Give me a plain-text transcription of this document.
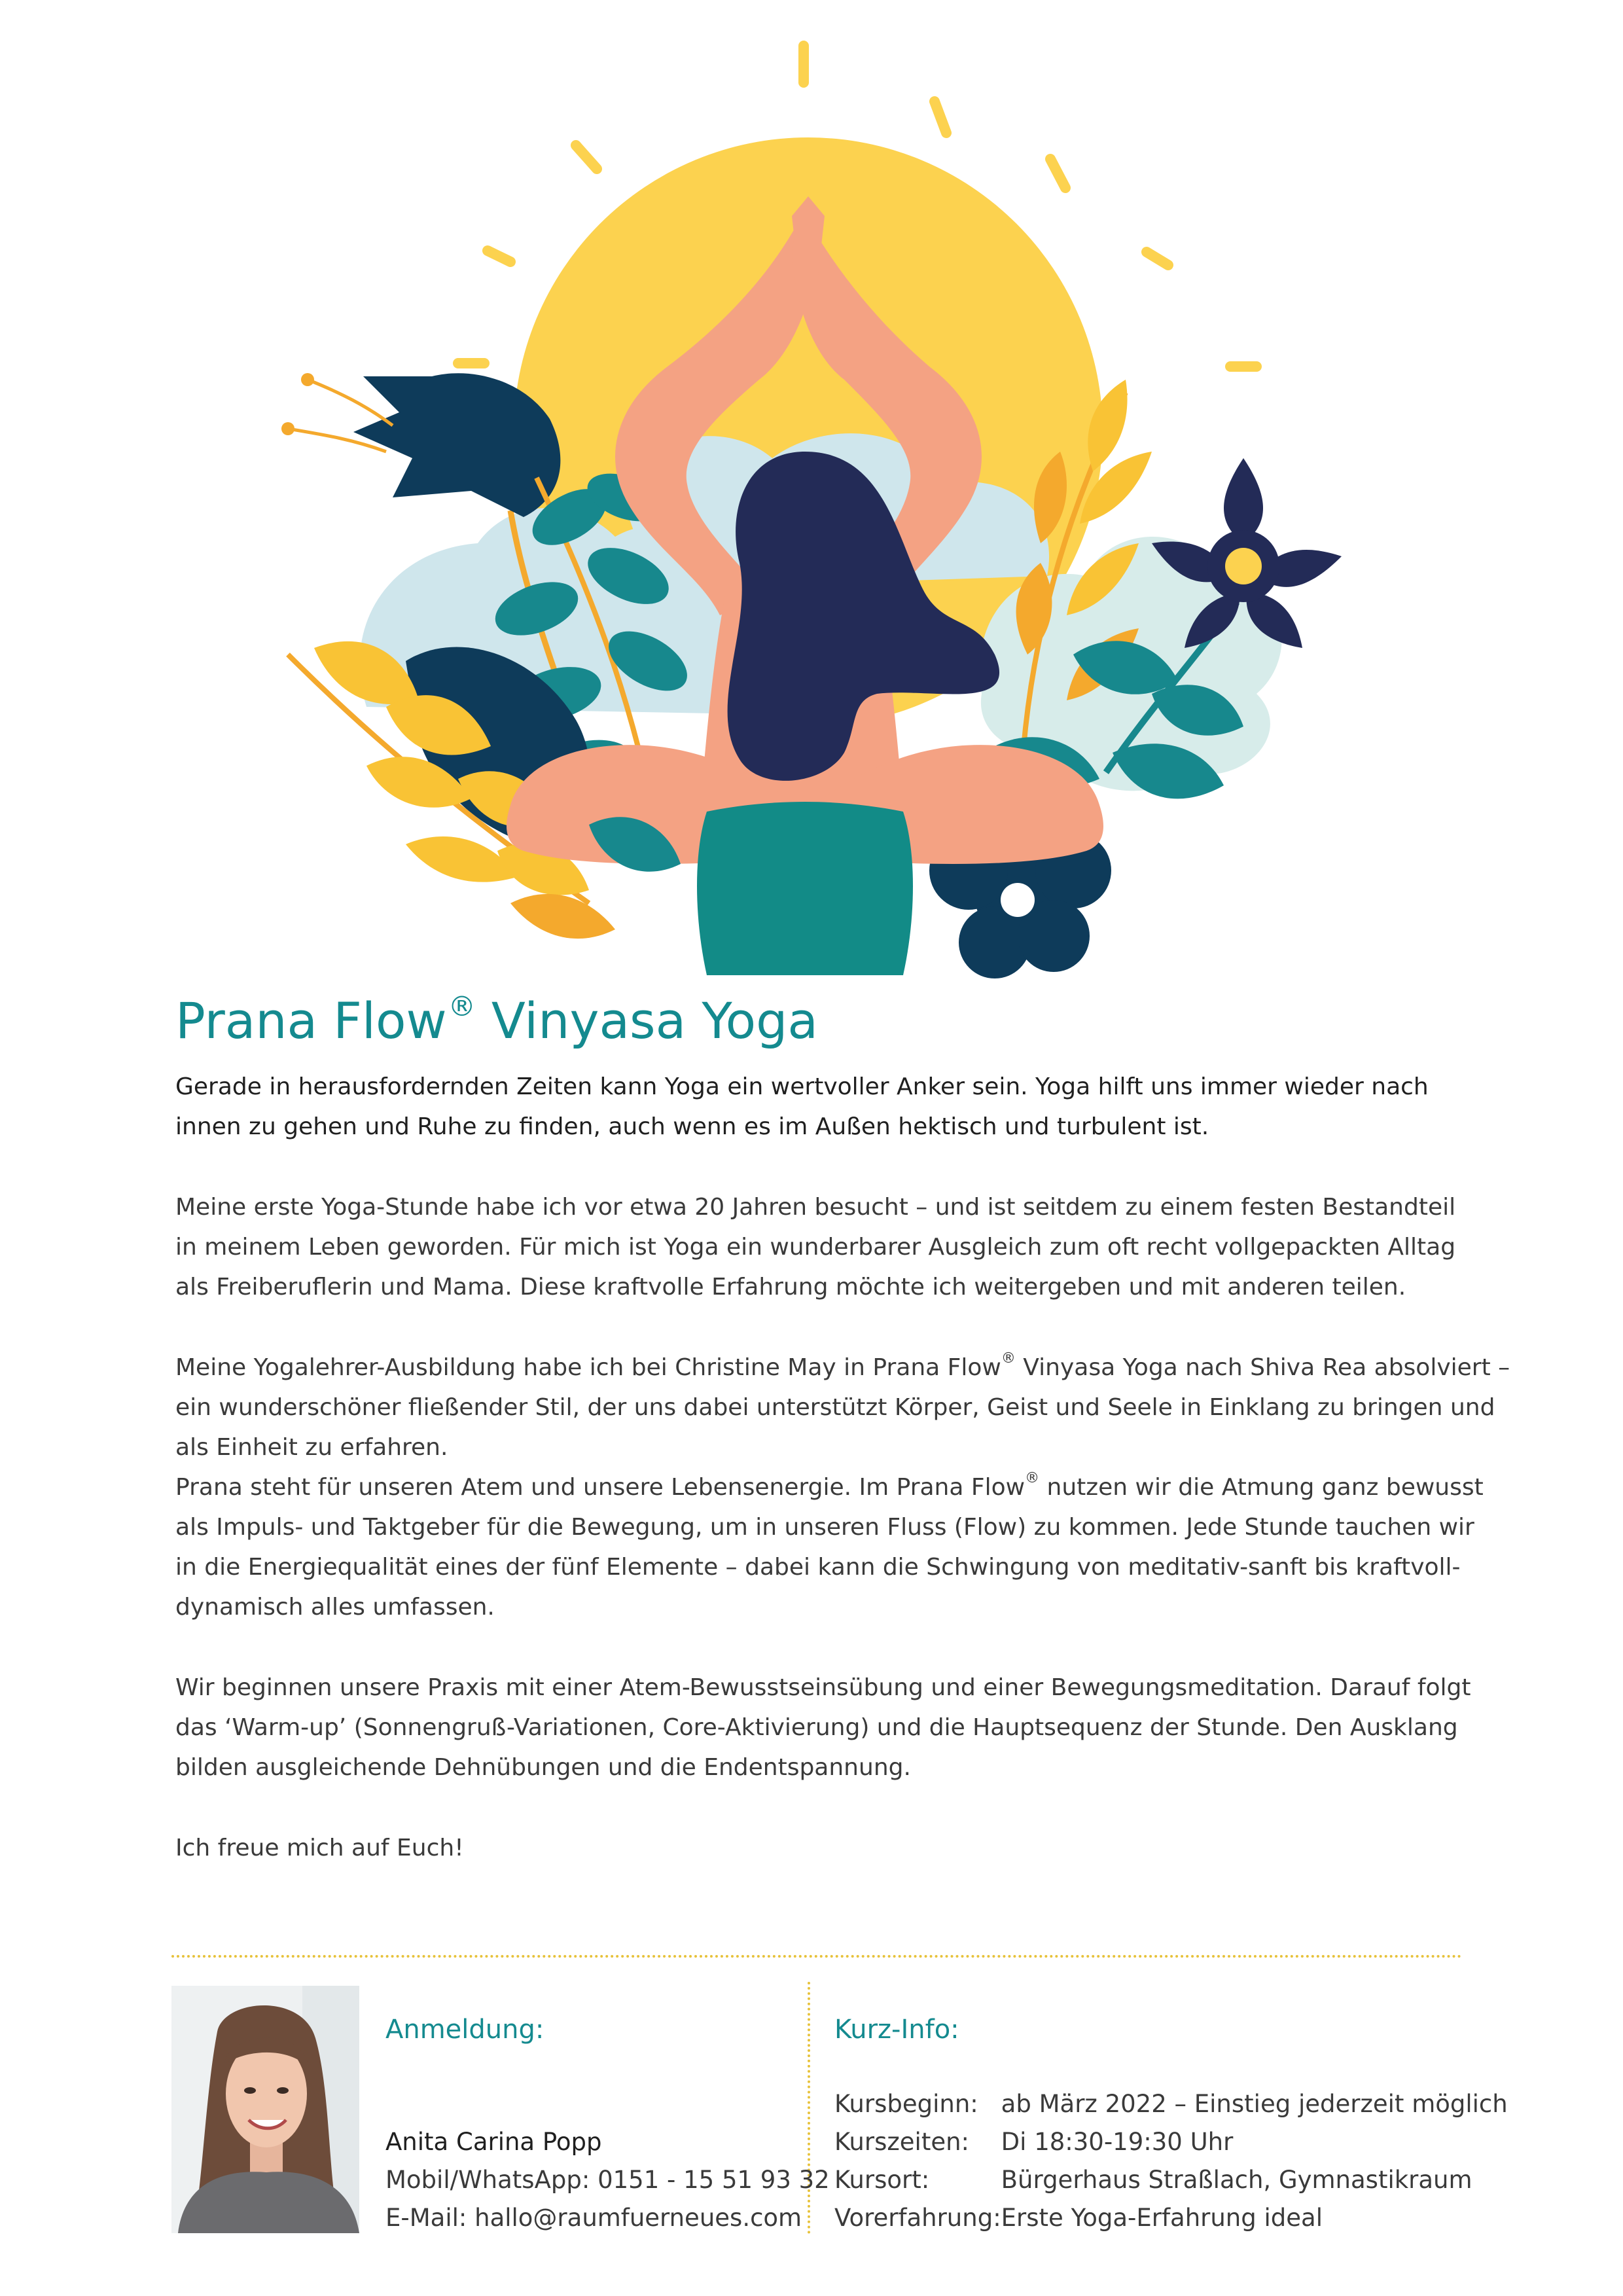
Prana Flow® Vinyasa Yoga

Gerade in herausfordernden Zeiten kann Yoga ein wertvoller Anker sein. Yoga hilft uns immer wieder nach
innen zu gehen und Ruhe zu finden, auch wenn es im Außen hektisch und turbulent ist.

Meine erste Yoga-Stunde habe ich vor etwa 20 Jahren besucht – und ist seitdem zu einem festen Bestandteil
in meinem Leben geworden. Für mich ist Yoga ein wunderbarer Ausgleich zum oft recht vollgepackten Alltag
als Freiberuflerin und Mama. Diese kraftvolle Erfahrung möchte ich weitergeben und mit anderen teilen.

Meine Yogalehrer-Ausbildung habe ich bei Christine May in Prana Flow® Vinyasa Yoga nach Shiva Rea absolviert –
ein wunderschöner fließender Stil, der uns dabei unterstützt Körper, Geist und Seele in Einklang zu bringen und
als Einheit zu erfahren.
Prana steht für unseren Atem und unsere Lebensenergie. Im Prana Flow® nutzen wir die Atmung ganz bewusst
als Impuls- und Taktgeber für die Bewegung, um in unseren Fluss (Flow) zu kommen. Jede Stunde tauchen wir
in die Energiequalität eines der fünf Elemente – dabei kann die Schwingung von meditativ-sanft bis kraftvoll-
dynamisch alles umfassen.

Wir beginnen unsere Praxis mit einer Atem-Bewusstseinsübung und einer Bewegungsmeditation. Darauf folgt
das ‘Warm-up’ (Sonnengruß-Variationen, Core-Aktivierung) und die Hauptsequenz der Stunde. Den Ausklang
bilden ausgleichende Dehnübungen und die Endentspannung.

Ich freue mich auf Euch!

Anmeldung:
Anita Carina Popp
Mobil/WhatsApp: 0151 - 15 51 93 32
E-Mail: hallo@raumfuerneues.com
Kurz-Info:
Kursbeginn:	ab März 2022 – Einstieg jederzeit möglich
Kurszeiten:	Di 18:30-19:30 Uhr
Kursort:	Bürgerhaus Straßlach, Gymnastikraum
Vorerfahrung:	Erste Yoga-Erfahrung ideal
